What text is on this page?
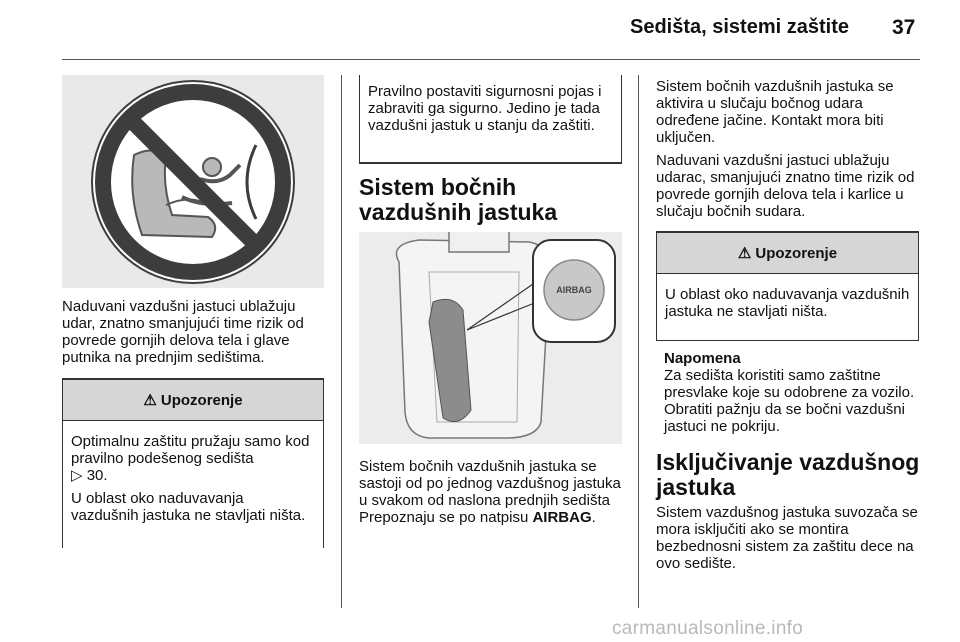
Sedišta, sistemi zaštite 37

Naduvani vazdušni jastuci ublažuju udar, znatno smanjujući time rizik od povrede gornjih delova tela i glave putnika na prednjim sedištima.

⚠ Upozorenje

Optimalnu zaštitu pružaju samo kod pravilno podešenog sedišta
▷ 30.

U oblast oko naduvavanja vazdušnih jastuka ne stavljati ništa.

Pravilno postaviti sigurnosni pojas i zabraviti ga sigurno. Jedino je tada vazdušni jastuk u stanju da zaštiti.

Sistem bočnih vazdušnih jastuka

AIRBAG

Sistem bočnih vazdušnih jastuka se sastoji od po jednog vazdušnog jastuka u svakom od naslona prednjih sedišta Prepoznaju se po natpisu AIRBAG.

Sistem bočnih vazdušnih jastuka se aktivira u slučaju bočnog udara određene jačine. Kontakt mora biti uključen.

Naduvani vazdušni jastuci ublažuju udarac, smanjujući znatno time rizik od povrede gornjih delova tela i karlice u slučaju bočnih sudara.

⚠ Upozorenje

U oblast oko naduvavanja vazdušnih jastuka ne stavljati ništa.

Napomena

Za sedišta koristiti samo zaštitne presvlake koje su odobrene za vozilo. Obratiti pažnju da se bočni vazdušni jastuci ne pokriju.

Isključivanje vazdušnog jastuka

Sistem vazdušnog jastuka suvozača se mora isključiti ako se montira bezbednosni sistem za zaštitu dece na ovo sedište.

carmanualsonline.info
